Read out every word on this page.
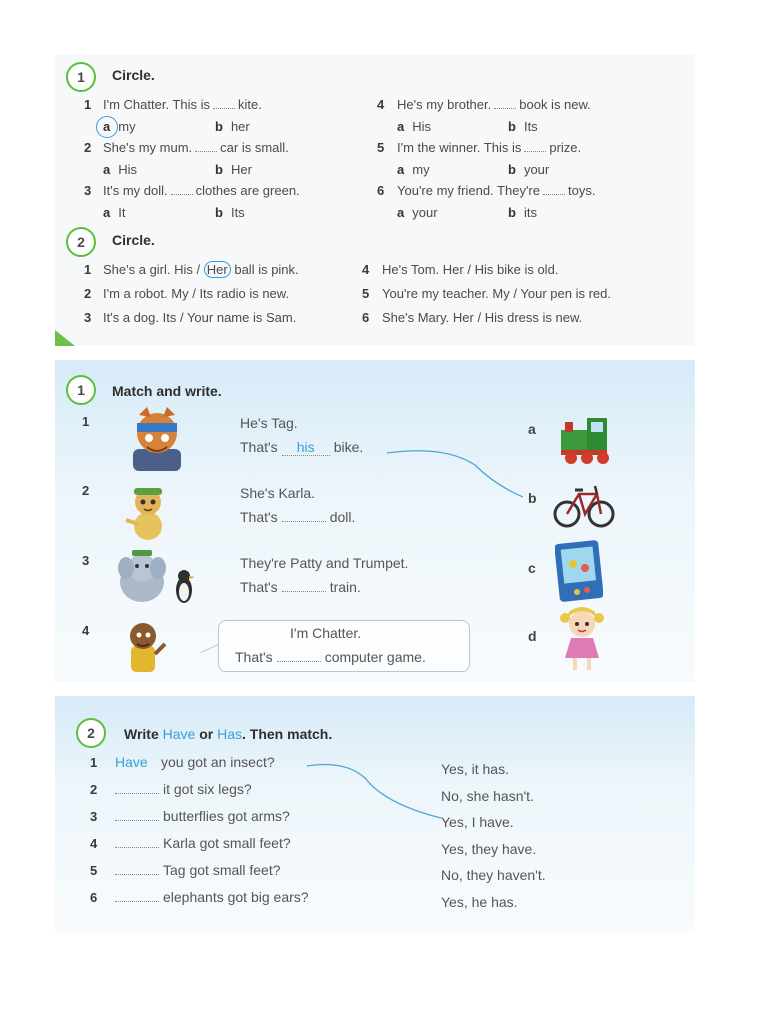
1	Circle.
1 I'm Chatter. This is kite.
a my	b her
2 She's my mum. car is small.
a His	b Her
3 It's my doll. clothes are green.
a It	b Its
4 He's my brother. book is new.
a His	b Its
5 I'm the winner. This is prize.
a my	b your
6 You're my friend. They're toys.
a your	b its
2	Circle.
1 She's a girl. His / Her ball is pink.
2 I'm a robot. My / Its radio is new.
3 It's a dog. Its / Your name is Sam.
4 He's Tom. Her / His bike is old.
5 You're my teacher. My / Your pen is red.
6 She's Mary. Her / His dress is new.
1	Match and write.
1
2
3
4
He's Tag.
That's his bike.
She's Karla.
That's	doll.
They're Patty and Trumpet.
That's	train.
I'm Chatter.
That's	computer game.
a
b
c
d
2	Write Have or Has. Then match.
1 Have you got an insect?
2	it got six legs?
3	butterflies got arms?
4	Karla got small feet?
5	Tag got small feet?
6	elephants got big ears?
Yes, it has.
No, she hasn't.
Yes, I have.
Yes, they have.
No, they haven't.
Yes, he has.
